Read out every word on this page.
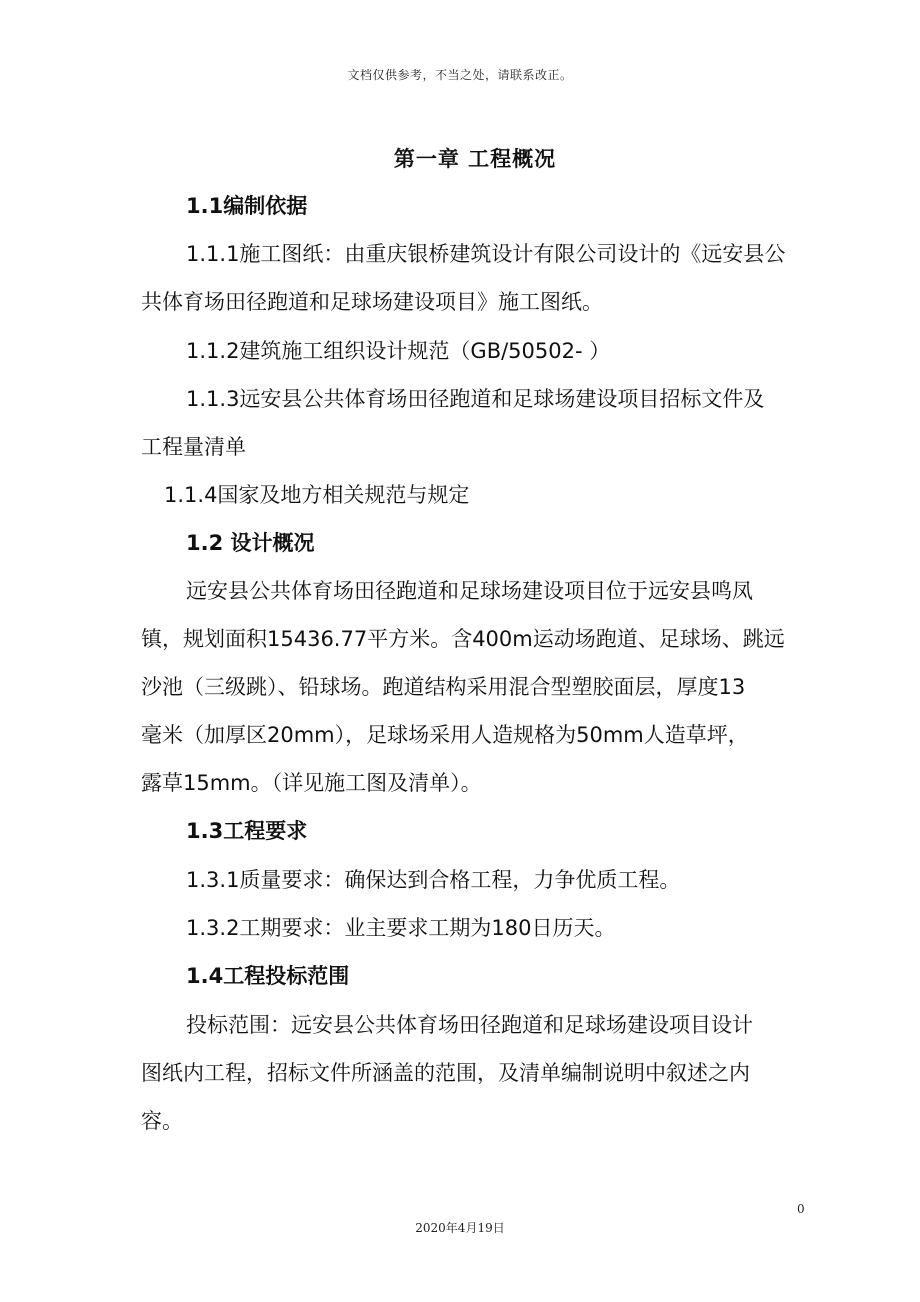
文档仅供参考，不当之处，请联系改正。
第一章 工程概况
1.1编制依据
1.1.1施工图纸：由重庆银桥建筑设计有限公司设计的《远安县公
共体育场田径跑道和足球场建设项目》施工图纸。
1.1.2建筑施工组织设计规范（GB/50502- ）
1.1.3远安县公共体育场田径跑道和足球场建设项目招标文件及
工程量清单
1.1.4国家及地方相关规范与规定
1.2 设计概况
远安县公共体育场田径跑道和足球场建设项目位于远安县鸣凤
镇，规划面积15436.77平方米。含400m运动场跑道、足球场、跳远
沙池（三级跳）、铅球场。跑道结构采用混合型塑胶面层，厚度13
毫米（加厚区20mm），足球场采用人造规格为50mm人造草坪，
露草15mm。（详见施工图及清单）。
1.3工程要求
1.3.1质量要求：确保达到合格工程，力争优质工程。
1.3.2工期要求：业主要求工期为180日历天。
1.4工程投标范围
投标范围：远安县公共体育场田径跑道和足球场建设项目设计
图纸内工程，招标文件所涵盖的范围，及清单编制说明中叙述之内
容。
0
2020年4月19日
